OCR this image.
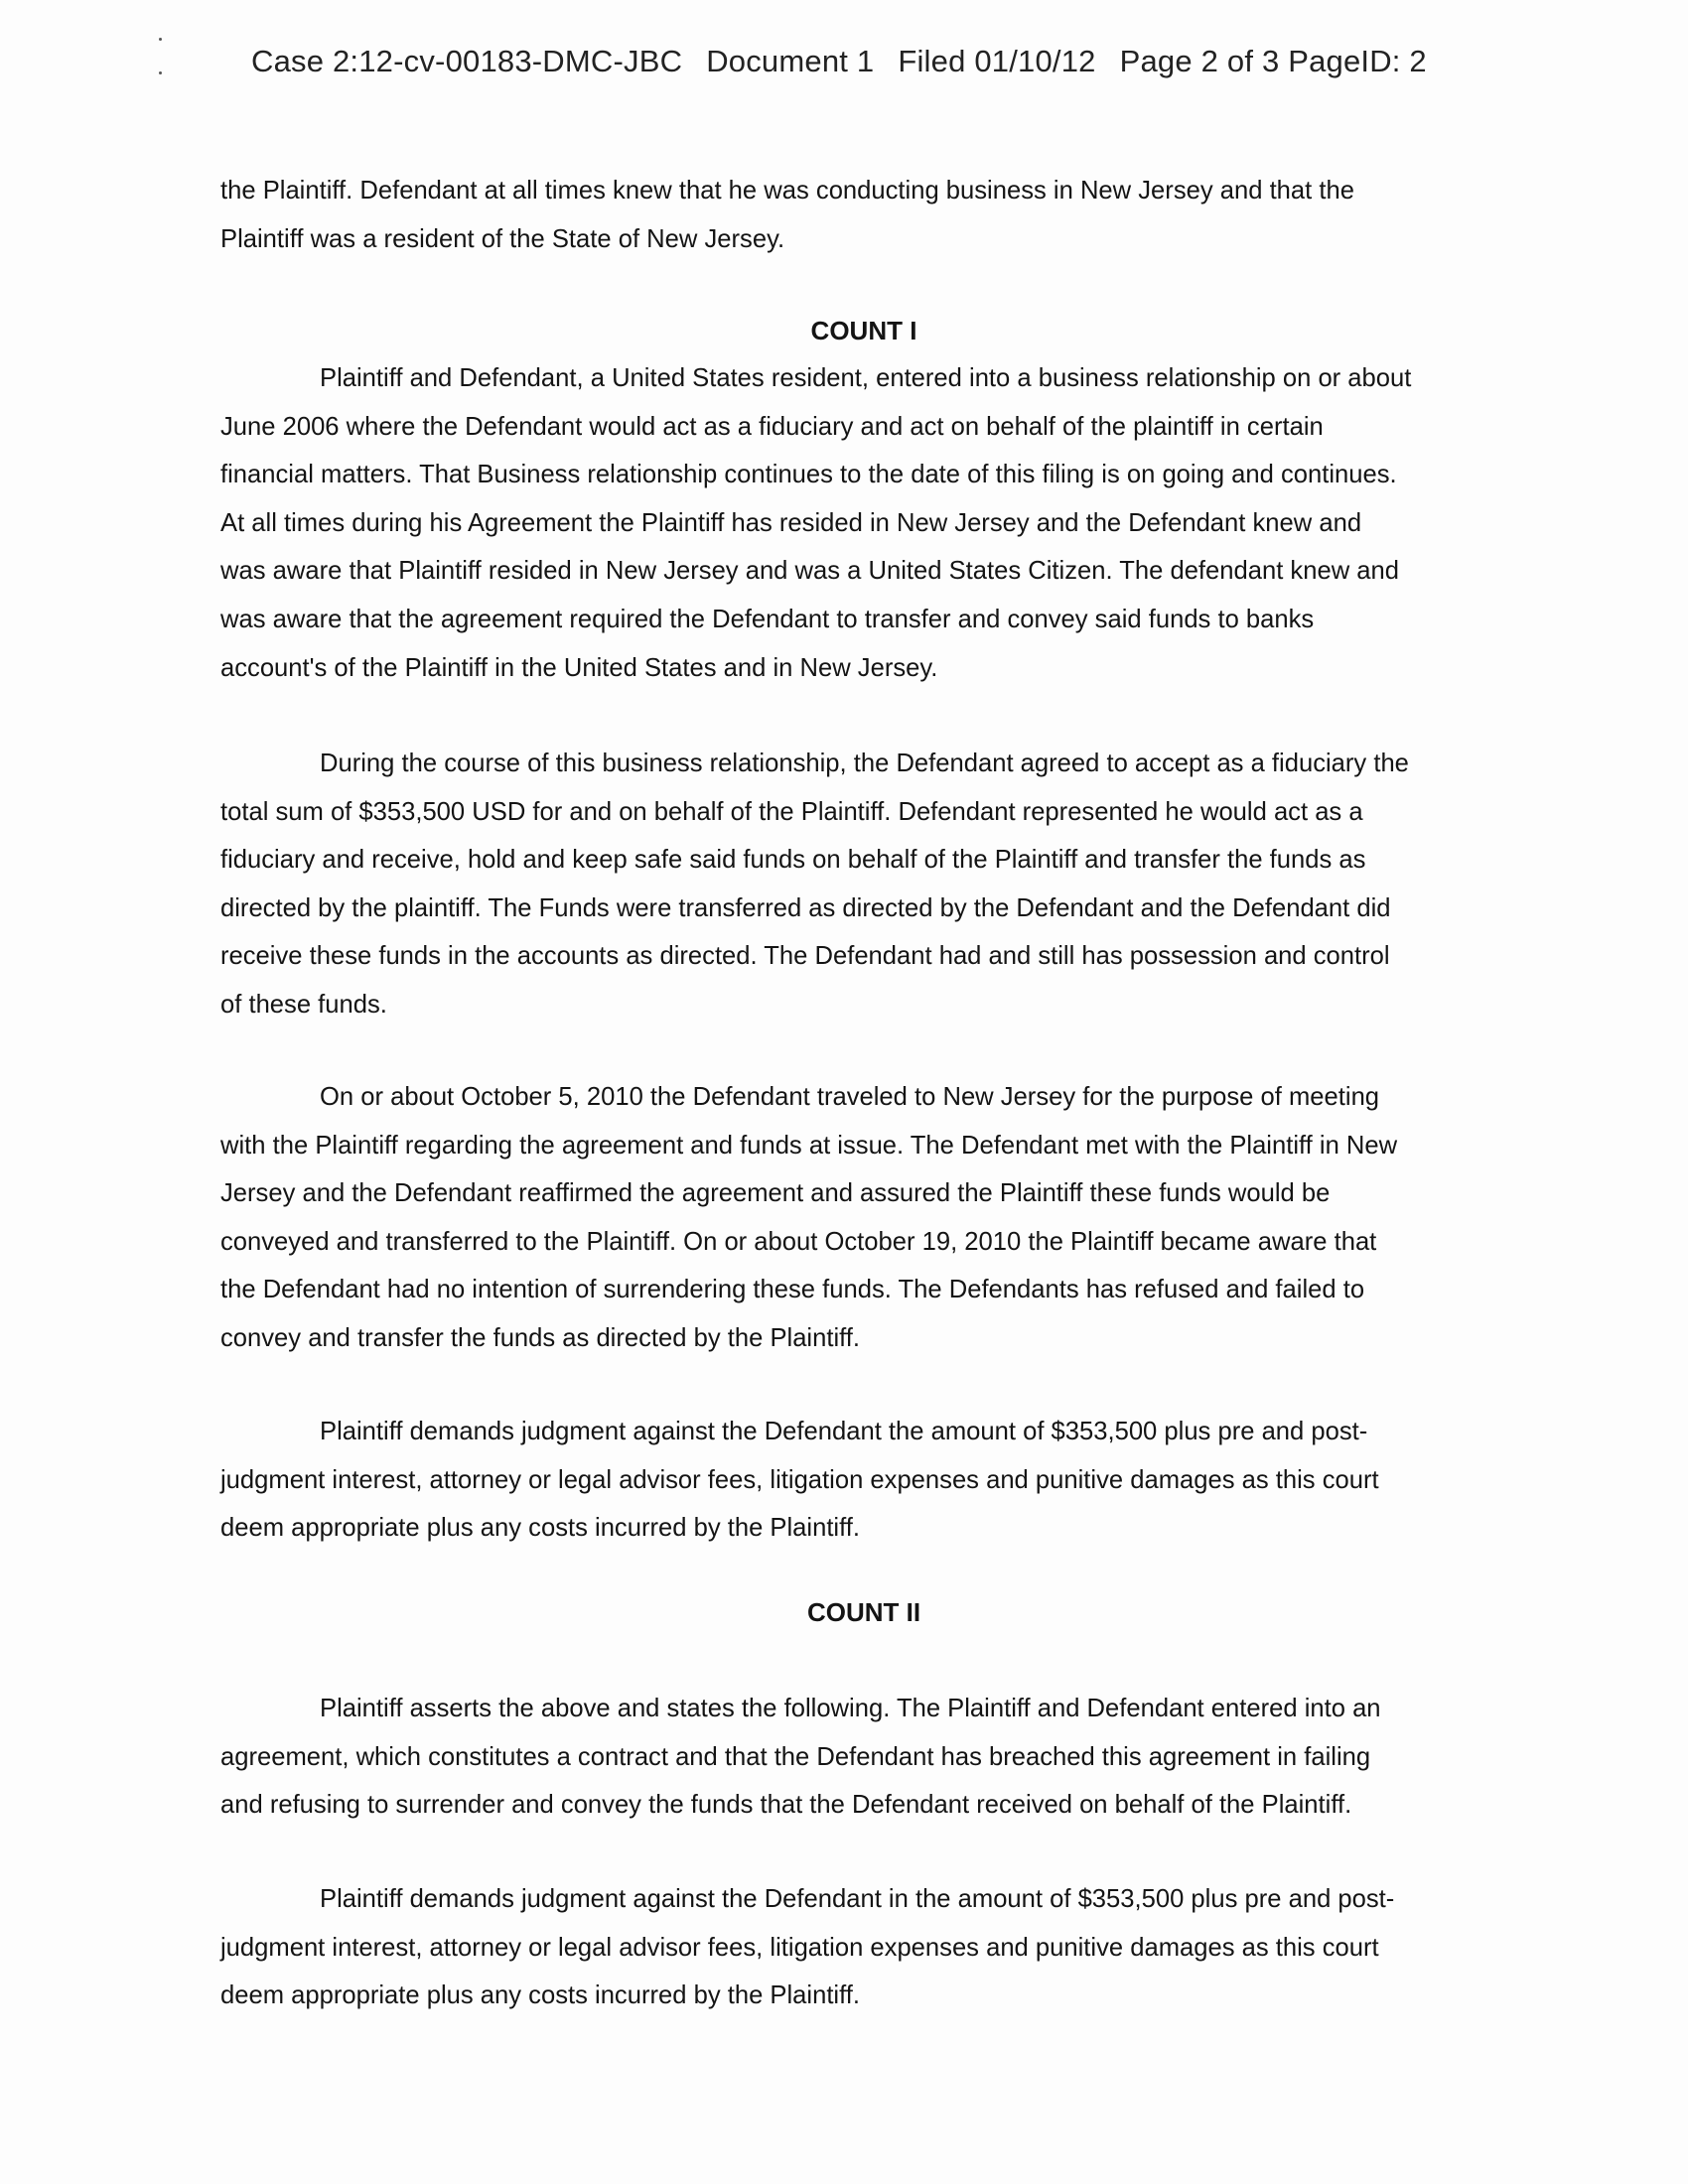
Case 2:12-cv-00183-DMC-JBC Document 1 Filed 01/10/12 Page 2 of 3 PageID: 2
the Plaintiff. Defendant at all times knew that he was conducting business in New Jersey and that the
Plaintiff was a resident of the State of New Jersey.
COUNT I
Plaintiff and Defendant, a United States resident, entered into a business relationship on or about
June 2006 where the Defendant would act as a fiduciary and act on behalf of the plaintiff in certain
financial matters. That Business relationship continues to the date of this filing is on going and continues.
At all times during his Agreement the Plaintiff has resided in New Jersey and the Defendant knew and
was aware that Plaintiff resided in New Jersey and was a United States Citizen. The defendant knew and
was aware that the agreement required the Defendant to transfer and convey said funds to banks
account's of the Plaintiff in the United States and in New Jersey.
During the course of this business relationship, the Defendant agreed to accept as a fiduciary the
total sum of $353,500 USD for and on behalf of the Plaintiff. Defendant represented he would act as a
fiduciary and receive, hold and keep safe said funds on behalf of the Plaintiff and transfer the funds as
directed by the plaintiff. The Funds were transferred as directed by the Defendant and the Defendant did
receive these funds in the accounts as directed. The Defendant had and still has possession and control
of these funds.
On or about October 5, 2010 the Defendant traveled to New Jersey for the purpose of meeting
with the Plaintiff regarding the agreement and funds at issue. The Defendant met with the Plaintiff in New
Jersey and the Defendant reaffirmed the agreement and assured the Plaintiff these funds would be
conveyed and transferred to the Plaintiff. On or about October 19, 2010 the Plaintiff became aware that
the Defendant had no intention of surrendering these funds. The Defendants has refused and failed to
convey and transfer the funds as directed by the Plaintiff.
Plaintiff demands judgment against the Defendant the amount of $353,500 plus pre and post-
judgment interest, attorney or legal advisor fees, litigation expenses and punitive damages as this court
deem appropriate plus any costs incurred by the Plaintiff.
COUNT II
Plaintiff asserts the above and states the following. The Plaintiff and Defendant entered into an
agreement, which constitutes a contract and that the Defendant has breached this agreement in failing
and refusing to surrender and convey the funds that the Defendant received on behalf of the Plaintiff.
Plaintiff demands judgment against the Defendant in the amount of $353,500 plus pre and post-
judgment interest, attorney or legal advisor fees, litigation expenses and punitive damages as this court
deem appropriate plus any costs incurred by the Plaintiff.
